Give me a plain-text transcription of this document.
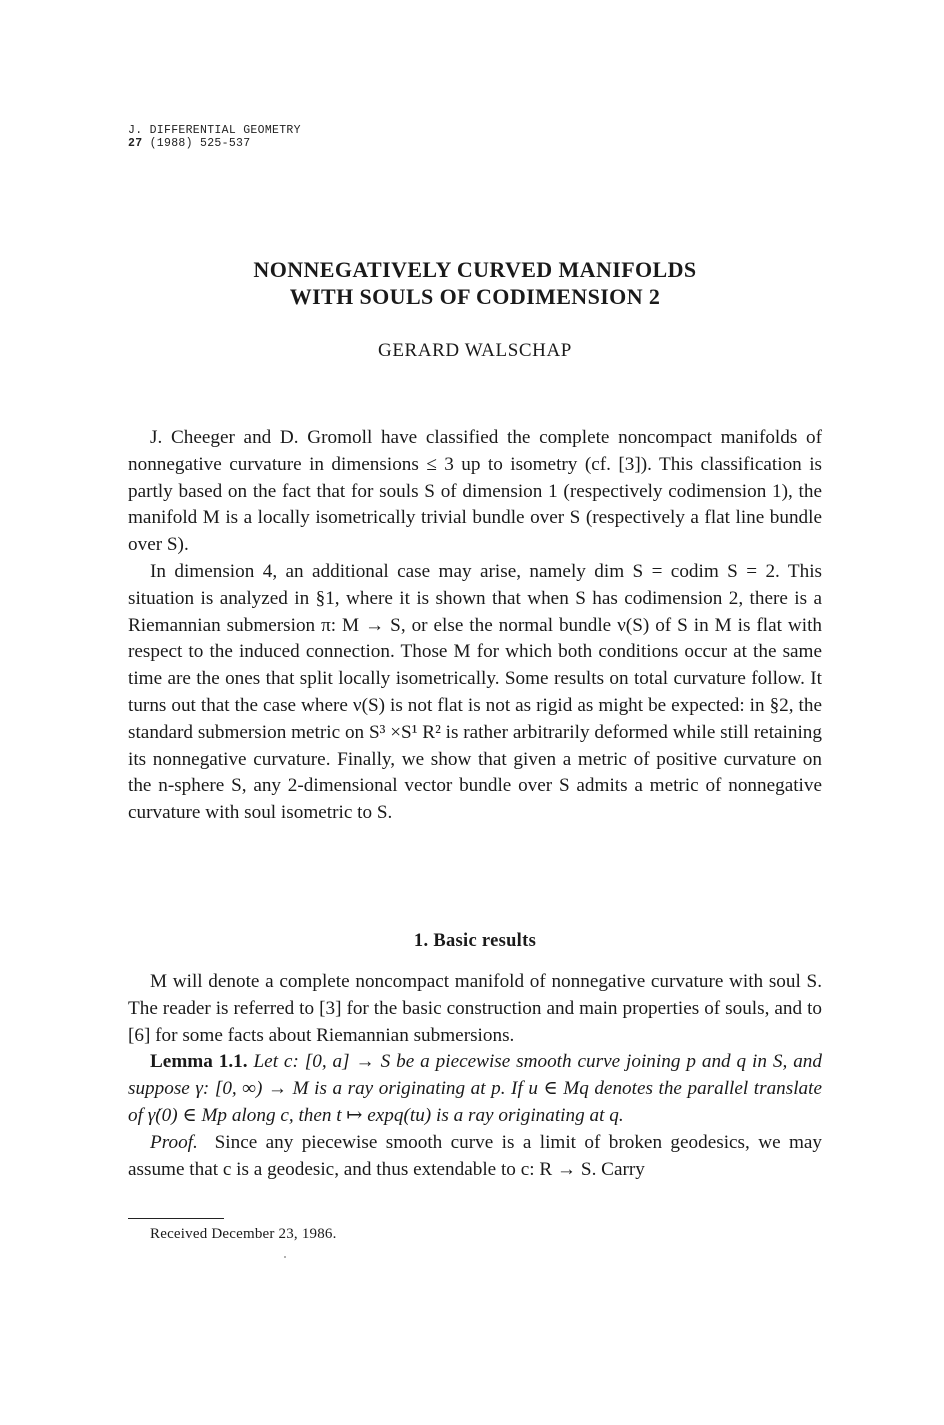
J. DIFFERENTIAL GEOMETRY
27 (1988) 525-537
NONNEGATIVELY CURVED MANIFOLDS
WITH SOULS OF CODIMENSION 2
GERARD WALSCHAP

J. Cheeger and D. Gromoll have classified the complete noncompact manifolds of nonnegative curvature in dimensions ≤ 3 up to isometry (cf. [3]). This classification is partly based on the fact that for souls S of dimension 1 (respectively codimension 1), the manifold M is a locally isometrically trivial bundle over S (respectively a flat line bundle over S).

In dimension 4, an additional case may arise, namely dim S = codim S = 2. This situation is analyzed in §1, where it is shown that when S has codimension 2, there is a Riemannian submersion π: M → S, or else the normal bundle ν(S) of S in M is flat with respect to the induced connection. Those M for which both conditions occur at the same time are the ones that split locally isometrically. Some results on total curvature follow. It turns out that the case where ν(S) is not flat is not as rigid as might be expected: in §2, the standard submersion metric on S³ ×S¹ R² is rather arbitrarily deformed while still retaining its nonnegative curvature. Finally, we show that given a metric of positive curvature on the n-sphere S, any 2-dimensional vector bundle over S admits a metric of nonnegative curvature with soul isometric to S.

1. Basic results

M will denote a complete noncompact manifold of nonnegative curvature with soul S. The reader is referred to [3] for the basic construction and main properties of souls, and to [6] for some facts about Riemannian submersions.

Lemma 1.1. Let c: [0, a] → S be a piecewise smooth curve joining p and q in S, and suppose γ: [0, ∞) → M is a ray originating at p. If u ∈ Mq denotes the parallel translate of γ̇(0) ∈ Mp along c, then t ↦ expq(tu) is a ray originating at q.

Proof. Since any piecewise smooth curve is a limit of broken geodesics, we may assume that c is a geodesic, and thus extendable to c: R → S. Carry

Received December 23, 1986.
